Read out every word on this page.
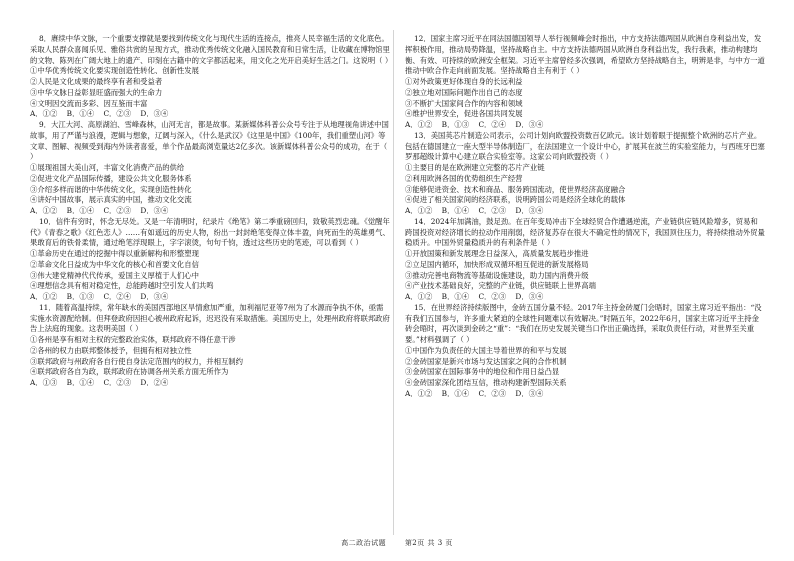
8．赓续中华文脉，一个重要支撑就是要找到传统文化与现代生活的连接点，推亮人民幸福生活的文化底色。采取人民群众喜闻乐见、雅俗共赏的呈现方式，推动优秀传统文化融入国民教育和日常生活，让收藏在博物馆里的文物、陈列在广阔大地上的遗产、印刻在古籍中的文字都活起来，用文化之光开启美好生活之门。这说明（ ）
①中华优秀传统文化要实现创造性转化、创新性发展
②人民是文化成果的最终享有者和受益者
③中华文脉日益彰显旺盛而强大的生命力
④文明因交流而多彩、因互鉴而丰富
A．①②    B．①④    C．②③    D．③④
9．大江大河、高原湖泊、雪峰森林，山河无言，都是故事。某新媒体科普公众号专注于从地理视角讲述中国故事，用了严谨与浪漫，逻辑与想象，辽阔与深入，《什么是武汉》《这里是中国》《100年，我们重塑山河》等文章、图解、视频受到海内外读者喜爱，单个作品最高浏览量达2亿多次。该新媒体科普公众号的成功，在于（ ）
①展现祖国大美山河，丰富文化消费产品的供给
②促进文化产品国际传播，建设公共文化服务体系
③介绍多样而谐的中华传统文化，实现创造性转化
④讲好中国故事，展示真实的中国，推动文化交流
A．①②    B．①④    C．②③    D．③④
10．信件有穷时，怀念无尽处。又是一年清明时，纪录片《绝笔》第二季重磅回归，致敬英烈忠魂。《觉醒年代》《青春之歌》《红色恋人》……有如遥远的历史人物，纷出一封封绝笔变得立体丰盈，向死而生的英雄勇气、果敢育后的铁骨柔情，通过绝笔浮现眼上，字字滚烫，句句千钧，透过这些历史的笔迹，可以看到（ ）
①革命历史在通过的挖掘中得以重新解构和形整塑现
②革命文化日益成为中华文化的核心和首要文化自信
③伟大建党精神代代传承，爱国主义厚植于人们心中
④理想信念具有相对稳定性，总能跨越时空引发人们共鸣
A．①②    B．①③    C．②④    D．③④
11．随着高温持续，常年缺水的美国西部地区旱情愈加严重，加利福尼亚等7州为了水源而争执不休，亟需实施水资源配给制。但拜登政府因担心被州政府起诉，迟迟没有采取措施。美国历史上，处理州政府将联邦政府告上法庭的现象。这表明美国（ ）
①各州是享有相对主权的完整政治实体，联邦政府不得任意干涉
②各州的权力由联邦整体授予，但拥有相对独立性
③联邦政府与州政府各自行使自身法定范围内的权力，并相互制约
④联邦政府各自为政，联邦政府在协调各州关系方面无所作为
A．①③    B．①④    C．②③    D．②④
12．国家主席习近平在同法国德国领导人举行视频峰会时指出，中方支持法德两国从欧洲自身利益出发，发挥积极作用，推动局势降温，坚持战略自主。中方支持法德两国从欧洲自身利益出发，我行我素，推动构建均衡、有效、可持续的欧洲安全框架。习近平主席曾经多次强调，希望欧方坚持战略自主，明辨是非，与中方一道推动中欧合作走向前面发展。坚持战略自主有利于（ ）
①对外政策更好体现自身的长远利益
②独立地对国际问题作出自己的态度
③不断扩大国家间合作的内容和领域
④维护世界安全，促进各国共同发展
A．①②    B．①③    C．②④    D．③④
13．美国英芯片制造公司表示，公司计划向欧盟投资数百亿欧元。该计划着眼于提振整个欧洲的芯片产业。包括在德国建立一座大型半导体制造厂，在法国建立一个设计中心，扩展其在波兰的实验室能力，与西班牙巴塞罗那超级计算中心建立联合实验室等。这家公司向欧盟投资（ ）
①主要目的是在欧洲建立完整的芯片产业链
②利用欧洲各国的优势组织生产经营
③能够促进资金、技术和商品、服务跨国流动，使世界经济高度融合
④促进了相关国家间的经济联系，说明跨国公司是经济全球化的载体
A．①②    B．①④    C．②③    D．③④
14．2024年加满油，鼓足劲。在百年变局冲击下全球经贸合作遭遇逆流，产业链供应链风险增多，贸易和跨国投资对经济增长的拉动作用削弱，经济复苏存在很大不确定性的情况下，我国顶住压力，将持续推动外贸量稳质升。中国外贸量稳质升的有利条件是（ ）
①开放国策和新发展理念日益深入，高质量发展趋步推进
②立足国内循环，加快形成双循环相互促进的新发展格局
③推动完善电商物流等基础设施建设，助力国内消费升级
④产业技术基础良好，完整的产业链，供应链联上世界高端
A．①②    B．①④    C．②③    D．③④
15．在世界经济持续版图中，金砖五国分量不轻。2017年主持金砖厦门会晤时，国家主席习近平指出：“没有我们五国参与，许多重大紧迫的全球性问题难以有效解决。”时隔五年，2022年6月，国家主席习近平主持金砖会晤时，再次谈到金砖之“重”：“我们在历史发展关键当口作出正确选择，采取负责任行动，对世界至关重要。”材料强调了（ ）
①中国作为负责任的大国主导着世界的和平与发展
②金砖国家是新兴市场与发达国家之间的合作机制
③金砖国家在国际事务中的地位和作用日益凸显
④金砖国家深化团结互信，推动构建新型国际关系
A．①②    B．①④    C．②③    D．③④
高二政治试题	第2页 共 3 页
